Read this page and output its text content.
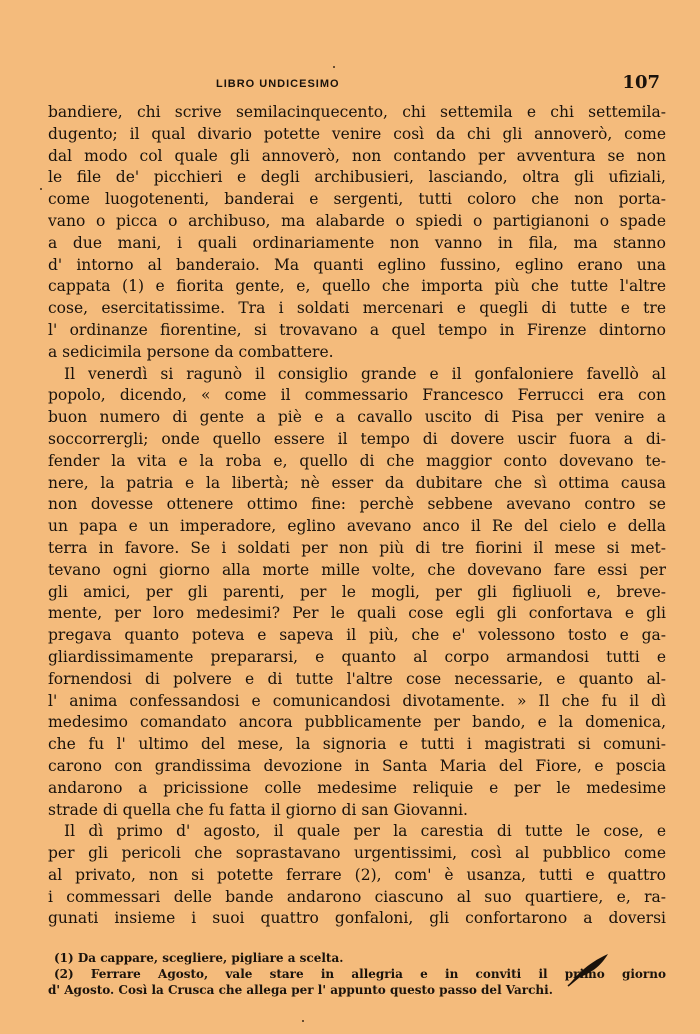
LIBRO UNDICESIMO	107
bandiere, chi scrive semilacinquecento, chi settemila e chi settemila-
dugento; il qual divario potette venire così da chi gli annoverò, come
dal modo col quale gli annoverò, non contando per avventura se non
le file de' picchieri e degli archibusieri, lasciando, oltra gli ufiziali,
come luogotenenti, banderai e sergenti, tutti coloro che non porta-
vano o picca o archibuso, ma alabarde o spiedi o partigianoni o spade
a due mani, i quali ordinariamente non vanno in fila, ma stanno
d' intorno al banderaio. Ma quanti eglino fussino, eglino erano una
cappata (1) e fiorita gente, e, quello che importa più che tutte l'altre
cose, esercitatissime. Tra i soldati mercenari e quegli di tutte e tre
l' ordinanze fiorentine, si trovavano a quel tempo in Firenze dintorno
a sedicimila persone da combattere.
Il venerdì si ragunò il consiglio grande e il gonfaloniere favellò al
popolo, dicendo, « come il commessario Francesco Ferrucci era con
buon numero di gente a piè e a cavallo uscito di Pisa per venire a
soccorrergli; onde quello essere il tempo di dovere uscir fuora a di-
fender la vita e la roba e, quello di che maggior conto dovevano te-
nere, la patria e la libertà; nè esser da dubitare che sì ottima causa
non dovesse ottenere ottimo fine: perchè sebbene avevano contro se
un papa e un imperadore, eglino avevano anco il Re del cielo e della
terra in favore. Se i soldati per non più di tre fiorini il mese si met-
tevano ogni giorno alla morte mille volte, che dovevano fare essi per
gli amici, per gli parenti, per le mogli, per gli figliuoli e, breve-
mente, per loro medesimi? Per le quali cose egli gli confortava e gli
pregava quanto poteva e sapeva il più, che e' volessono tosto e ga-
gliardissimamente prepararsi, e quanto al corpo armandosi tutti e
fornendosi di polvere e di tutte l'altre cose necessarie, e quanto al-
l' anima confessandosi e comunicandosi divotamente. » Il che fu il dì
medesimo comandato ancora pubblicamente per bando, e la domenica,
che fu l' ultimo del mese, la signoria e tutti i magistrati si comuni-
carono con grandissima devozione in Santa Maria del Fiore, e poscia
andarono a pricissione colle medesime reliquie e per le medesime
strade di quella che fu fatta il giorno di san Giovanni.
Il dì primo d' agosto, il quale per la carestia di tutte le cose, e
per gli pericoli che soprastavano urgentissimi, così al pubblico come
al privato, non si potette ferrare (2), com' è usanza, tutti e quattro
i commessari delle bande andarono ciascuno al suo quartiere, e, ra-
gunati insieme i suoi quattro gonfaloni, gli confortarono a doversi
(1) Da cappare, scegliere, pigliare a scelta.
(2) Ferrare Agosto, vale stare in allegria e in conviti il primo giorno
d' Agosto. Così la Crusca che allega per l' appunto questo passo del Varchi.
